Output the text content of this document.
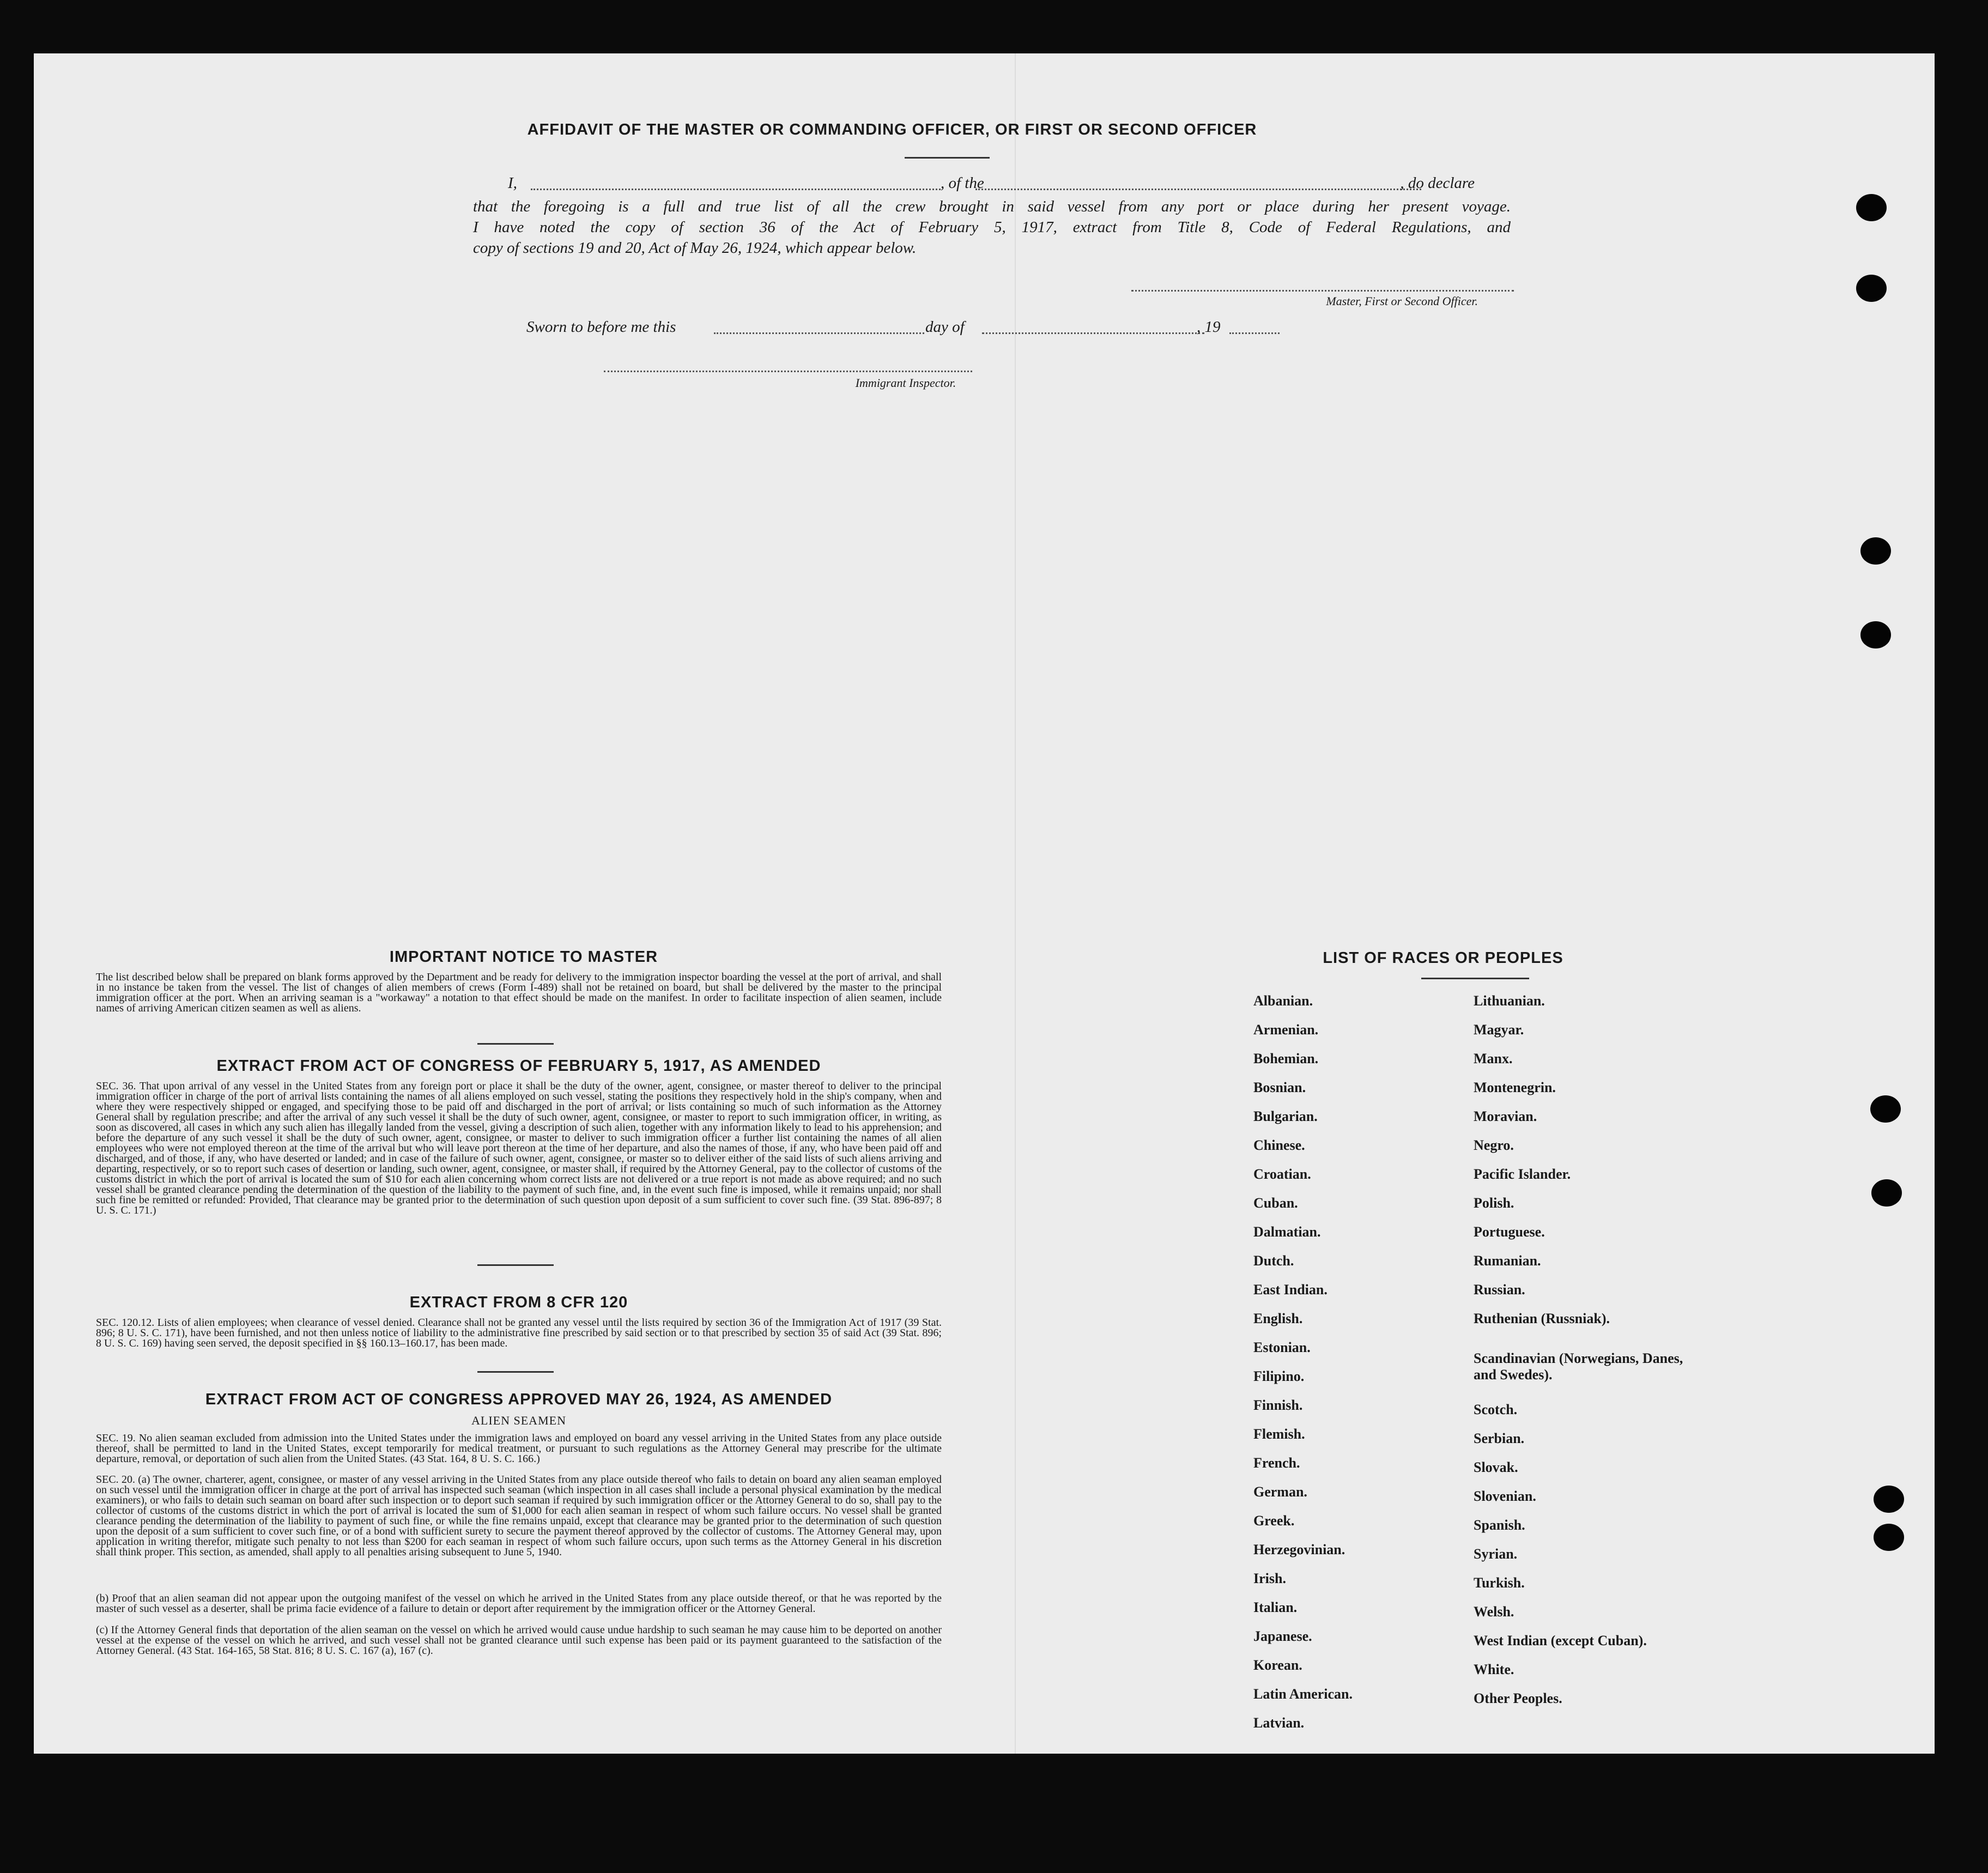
AFFIDAVIT OF THE MASTER OR COMMANDING OFFICER, OR FIRST OR SECOND OFFICER
I,	, of the	, do declare
that the foregoing is a full and true list of all the crew brought in said vessel from any port or place during her present voyage.
I have noted the copy of section 36 of the Act of February 5, 1917, extract from Title 8, Code of Federal Regulations, and
copy of sections 19 and 20, Act of May 26, 1924, which appear below.
Master, First or Second Officer.
Sworn to before me this	day of	, 19
Immigrant Inspector.
IMPORTANT NOTICE TO MASTER
The list described below shall be prepared on blank forms approved by the Department and be ready for delivery to the immigration inspector boarding the vessel at the port of arrival, and shall in no instance be taken from the vessel. The list of changes of alien members of crews (Form I-489) shall not be retained on board, but shall be delivered by the master to the principal immigration officer at the port. When an arriving seaman is a "workaway" a notation to that effect should be made on the manifest. In order to facilitate inspection of alien seamen, include names of arriving American citizen seamen as well as aliens.
EXTRACT FROM ACT OF CONGRESS OF FEBRUARY 5, 1917, AS AMENDED
SEC. 36. That upon arrival of any vessel in the United States from any foreign port or place it shall be the duty of the owner, agent, consignee, or master thereof to deliver to the principal immigration officer in charge of the port of arrival lists containing the names of all aliens employed on such vessel, stating the positions they respectively hold in the ship's company, when and where they were respectively shipped or engaged, and specifying those to be paid off and discharged in the port of arrival; or lists containing so much of such information as the Attorney General shall by regulation prescribe; and after the arrival of any such vessel it shall be the duty of such owner, agent, consignee, or master to report to such immigration officer, in writing, as soon as discovered, all cases in which any such alien has illegally landed from the vessel, giving a description of such alien, together with any information likely to lead to his apprehension; and before the departure of any such vessel it shall be the duty of such owner, agent, consignee, or master to deliver to such immigration officer a further list containing the names of all alien employees who were not employed thereon at the time of the arrival but who will leave port thereon at the time of her departure, and also the names of those, if any, who have been paid off and discharged, and of those, if any, who have deserted or landed; and in case of the failure of such owner, agent, consignee, or master so to deliver either of the said lists of such aliens arriving and departing, respectively, or so to report such cases of desertion or landing, such owner, agent, consignee, or master shall, if required by the Attorney General, pay to the collector of customs of the customs district in which the port of arrival is located the sum of $10 for each alien concerning whom correct lists are not delivered or a true report is not made as above required; and no such vessel shall be granted clearance pending the determination of the question of the liability to the payment of such fine, and, in the event such fine is imposed, while it remains unpaid; nor shall such fine be remitted or refunded: Provided, That clearance may be granted prior to the determination of such question upon deposit of a sum sufficient to cover such fine. (39 Stat. 896-897; 8 U. S. C. 171.)
EXTRACT FROM 8 CFR 120
SEC. 120.12. Lists of alien employees; when clearance of vessel denied. Clearance shall not be granted any vessel until the lists required by section 36 of the Immigration Act of 1917 (39 Stat. 896; 8 U. S. C. 171), have been furnished, and not then unless notice of liability to the administrative fine prescribed by said section or to that prescribed by section 35 of said Act (39 Stat. 896; 8 U. S. C. 169) having seen served, the deposit specified in §§ 160.13–160.17, has been made.
EXTRACT FROM ACT OF CONGRESS APPROVED MAY 26, 1924, AS AMENDED
ALIEN SEAMEN
SEC. 19. No alien seaman excluded from admission into the United States under the immigration laws and employed on board any vessel arriving in the United States from any place outside thereof, shall be permitted to land in the United States, except temporarily for medical treatment, or pursuant to such regulations as the Attorney General may prescribe for the ultimate departure, removal, or deportation of such alien from the United States. (43 Stat. 164, 8 U. S. C. 166.)
SEC. 20. (a) The owner, charterer, agent, consignee, or master of any vessel arriving in the United States from any place outside thereof who fails to detain on board any alien seaman employed on such vessel until the immigration officer in charge at the port of arrival has inspected such seaman (which inspection in all cases shall include a personal physical examination by the medical examiners), or who fails to detain such seaman on board after such inspection or to deport such seaman if required by such immigration officer or the Attorney General to do so, shall pay to the collector of customs of the customs district in which the port of arrival is located the sum of $1,000 for each alien seaman in respect of whom such failure occurs. No vessel shall be granted clearance pending the determination of the liability to payment of such fine, or while the fine remains unpaid, except that clearance may be granted prior to the determination of such question upon the deposit of a sum sufficient to cover such fine, or of a bond with sufficient surety to secure the payment thereof approved by the collector of customs. The Attorney General may, upon application in writing therefor, mitigate such penalty to not less than $200 for each seaman in respect of whom such failure occurs, upon such terms as the Attorney General in his discretion shall think proper. This section, as amended, shall apply to all penalties arising subsequent to June 5, 1940.
(b) Proof that an alien seaman did not appear upon the outgoing manifest of the vessel on which he arrived in the United States from any place outside thereof, or that he was reported by the master of such vessel as a deserter, shall be prima facie evidence of a failure to detain or deport after requirement by the immigration officer or the Attorney General.
(c) If the Attorney General finds that deportation of the alien seaman on the vessel on which he arrived would cause undue hardship to such seaman he may cause him to be deported on another vessel at the expense of the vessel on which he arrived, and such vessel shall not be granted clearance until such expense has been paid or its payment guaranteed to the satisfaction of the Attorney General. (43 Stat. 164-165, 58 Stat. 816; 8 U. S. C. 167 (a), 167 (c).
LIST OF RACES OR PEOPLES
Albanian.
Armenian.
Bohemian.
Bosnian.
Bulgarian.
Chinese.
Croatian.
Cuban.
Dalmatian.
Dutch.
East Indian.
English.
Estonian.
Filipino.
Finnish.
Flemish.
French.
German.
Greek.
Herzegovinian.
Irish.
Italian.
Japanese.
Korean.
Latin American.
Latvian.
Lithuanian.
Magyar.
Manx.
Montenegrin.
Moravian.
Negro.
Pacific Islander.
Polish.
Portuguese.
Rumanian.
Russian.
Ruthenian (Russniak).
Scandinavian (Norwegians, Danes, and Swedes).
Scotch.
Serbian.
Slovak.
Slovenian.
Spanish.
Syrian.
Turkish.
Welsh.
West Indian (except Cuban).
White.
Other Peoples.
